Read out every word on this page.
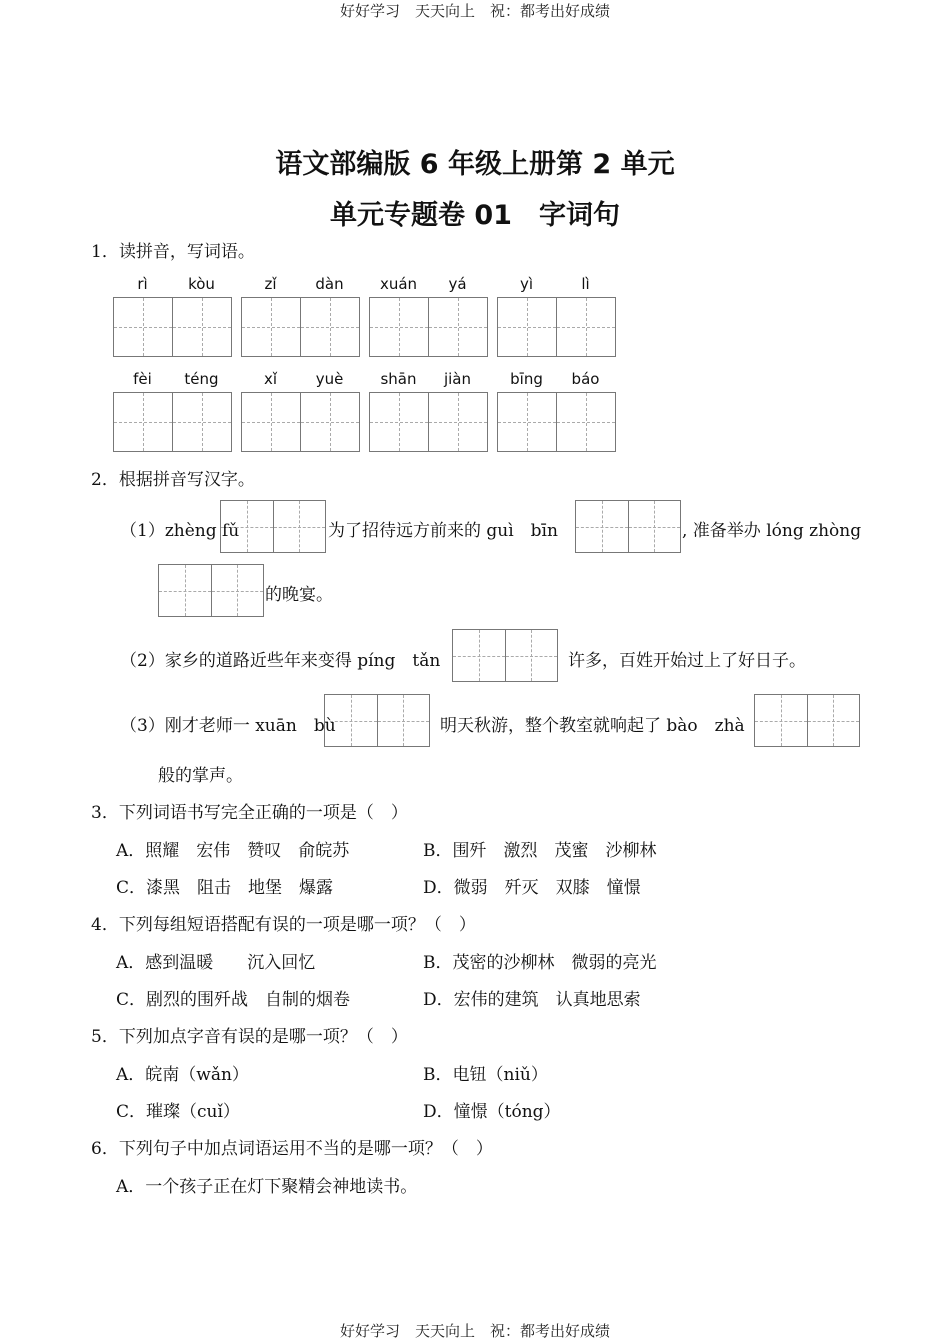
好好学习　天天向上　祝：都考出好成绩
语文部编版 6 年级上册第 2 单元
单元专题卷 01　字词句
1．读拼音，写词语。
rì	kòu	zǐ	dàn	xuán	yá	yì	lì
fèi	téng	xǐ	yuè	shān	jiàn	bīng	báo
2．根据拼音写汉字。
（1）zhèng fǔ	为了招待远方前来的 guì　bīn	, 准备举办 lóng zhòng
的晚宴。
（2）家乡的道路近些年来变得 píng　tǎn	许多，百姓开始过上了好日子。
（3）刚才老师一 xuān　bù	明天秋游，整个教室就响起了 bào　zhà
般的掌声。
3．下列词语书写完全正确的一项是（　）
A．照耀　宏伟　赞叹　俞皖苏	B．围歼　激烈　茂蜜　沙柳林
C．漆黑　阻击　地堡　爆露	D．微弱　歼灭　双膝　憧憬
4．下列每组短语搭配有误的一项是哪一项？（　）
A．感到温暖　　沉入回忆	B．茂密的沙柳林　微弱的亮光
C．剧烈的围歼战　自制的烟卷	D．宏伟的建筑　认真地思索
5．下列加点字音有误的是哪一项？（　）
A．皖南（wǎn）	B．电钮（niǔ）
C．璀璨（cuǐ）	D．憧憬（tóng）
6．下列句子中加点词语运用不当的是哪一项？（　）
A．一个孩子正在灯下聚精会神地读书。
好好学习　天天向上　祝：都考出好成绩
